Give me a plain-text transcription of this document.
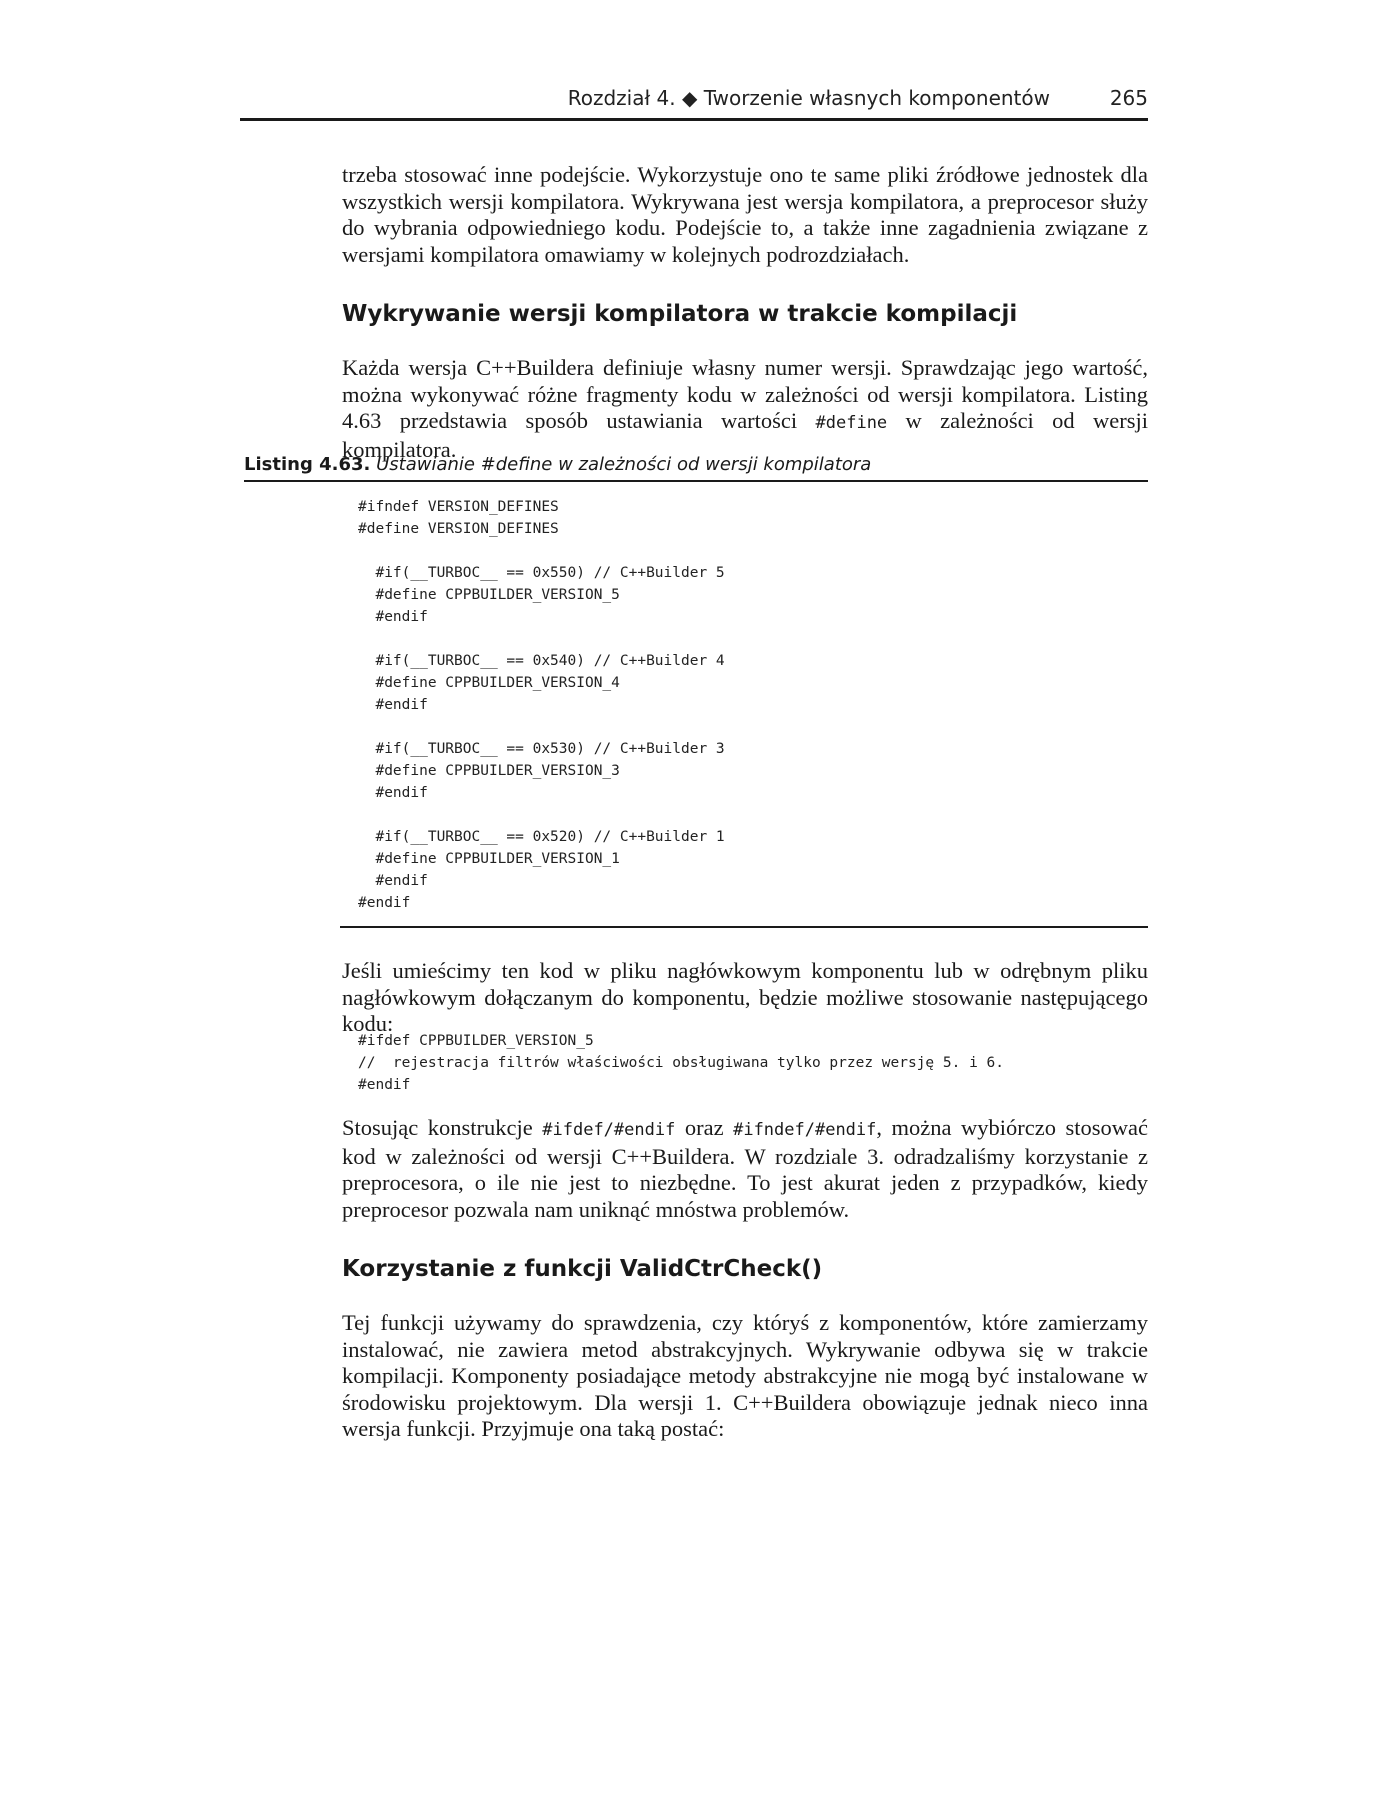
Rozdział 4. ◆ Tworzenie własnych komponentów	265

trzeba stosować inne podejście. Wykorzystuje ono te same pliki źródłowe jednostek dla wszystkich wersji kompilatora. Wykrywana jest wersja kompilatora, a preprocesor służy do wybrania odpowiedniego kodu. Podejście to, a także inne zagadnienia związane z wersjami kompilatora omawiamy w kolejnych podrozdziałach.

Wykrywanie wersji kompilatora w trakcie kompilacji

Każda wersja C++Buildera definiuje własny numer wersji. Sprawdzając jego wartość, można wykonywać różne fragmenty kodu w zależności od wersji kompilatora. Listing 4.63 przedstawia sposób ustawiania wartości #define w zależności od wersji kompilatora.

Listing 4.63. Ustawianie #define w zależności od wersji kompilatora
#ifndef VERSION_DEFINES
#define VERSION_DEFINES

#if(__TURBOC__ == 0x550) // C++Builder 5
#define CPPBUILDER_VERSION_5
#endif

#if(__TURBOC__ == 0x540) // C++Builder 4
#define CPPBUILDER_VERSION_4
#endif

#if(__TURBOC__ == 0x530) // C++Builder 3
#define CPPBUILDER_VERSION_3
#endif

#if(__TURBOC__ == 0x520) // C++Builder 1
#define CPPBUILDER_VERSION_1
#endif
#endif

Jeśli umieścimy ten kod w pliku nagłówkowym komponentu lub w odrębnym pliku nagłówkowym dołączanym do komponentu, będzie możliwe stosowanie następującego kodu:

#ifdef CPPBUILDER_VERSION_5
//  rejestracja filtrów właściwości obsługiwana tylko przez wersję 5. i 6.
#endif

Stosując konstrukcje #ifdef/#endif oraz #ifndef/#endif, można wybiórczo stosować kod w zależności od wersji C++Buildera. W rozdziale 3. odradzaliśmy korzystanie z preprocesora, o ile nie jest to niezbędne. To jest akurat jeden z przypadków, kiedy preprocesor pozwala nam uniknąć mnóstwa problemów.

Korzystanie z funkcji ValidCtrCheck()

Tej funkcji używamy do sprawdzenia, czy któryś z komponentów, które zamierzamy instalować, nie zawiera metod abstrakcyjnych. Wykrywanie odbywa się w trakcie kompilacji. Komponenty posiadające metody abstrakcyjne nie mogą być instalowane w środowisku projektowym. Dla wersji 1. C++Buildera obowiązuje jednak nieco inna wersja funkcji. Przyjmuje ona taką postać:
